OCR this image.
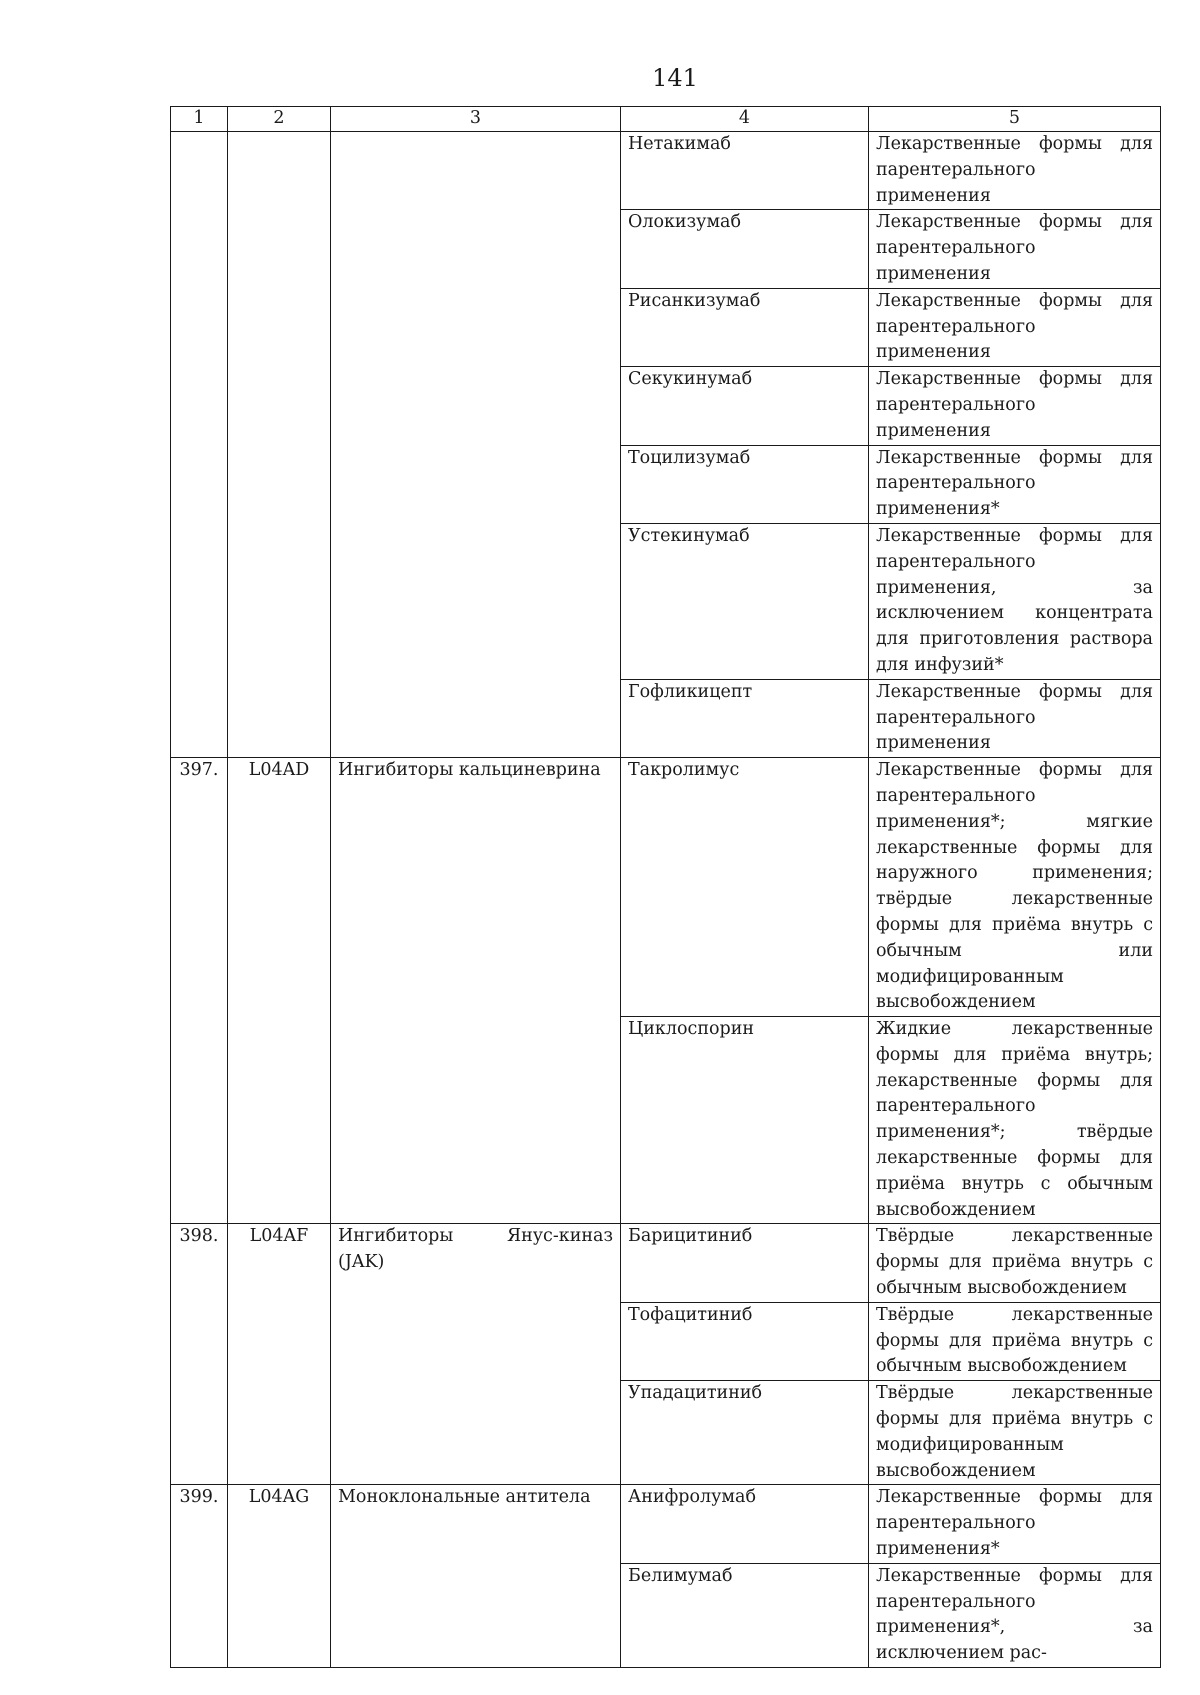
141
1	2	3	4	5
			Нетакимаб	Лекарственные формы для парентерального применения
			Олокизумаб	Лекарственные формы для парентерального применения
			Рисанкизумаб	Лекарственные формы для парентерального применения
			Секукинумаб	Лекарственные формы для парентерального применения
			Тоцилизумаб	Лекарственные формы для парентерального применения*
			Устекинумаб	Лекарственные формы для парентерального применения, за исключением концентрата для приготовления раствора для инфузий*
			Гофликицепт	Лекарственные формы для парентерального применения
397.	L04AD	Ингибиторы кальциневрина	Такролимус	Лекарственные формы для парентерального применения*; мягкие лекарственные формы для наружного применения; твёрдые лекарственные формы для приёма внутрь с обычным или модифицированным высвобождением
			Циклоспорин	Жидкие лекарственные формы для приёма внутрь; лекарственные формы для парентерального применения*; твёрдые лекарственные формы для приёма внутрь с обычным высвобождением
398.	L04AF	Ингибиторы Янус-киназ (JAK)	Барицитиниб	Твёрдые лекарственные формы для приёма внутрь с обычным высвобождением
			Тофацитиниб	Твёрдые лекарственные формы для приёма внутрь с обычным высвобождением
			Упадацитиниб	Твёрдые лекарственные формы для приёма внутрь с модифицированным высвобождением
399.	L04AG	Моноклональные антитела	Анифролумаб	Лекарственные формы для парентерального применения*
			Белимумаб	Лекарственные формы для парентерального применения*, за исключением рас-
